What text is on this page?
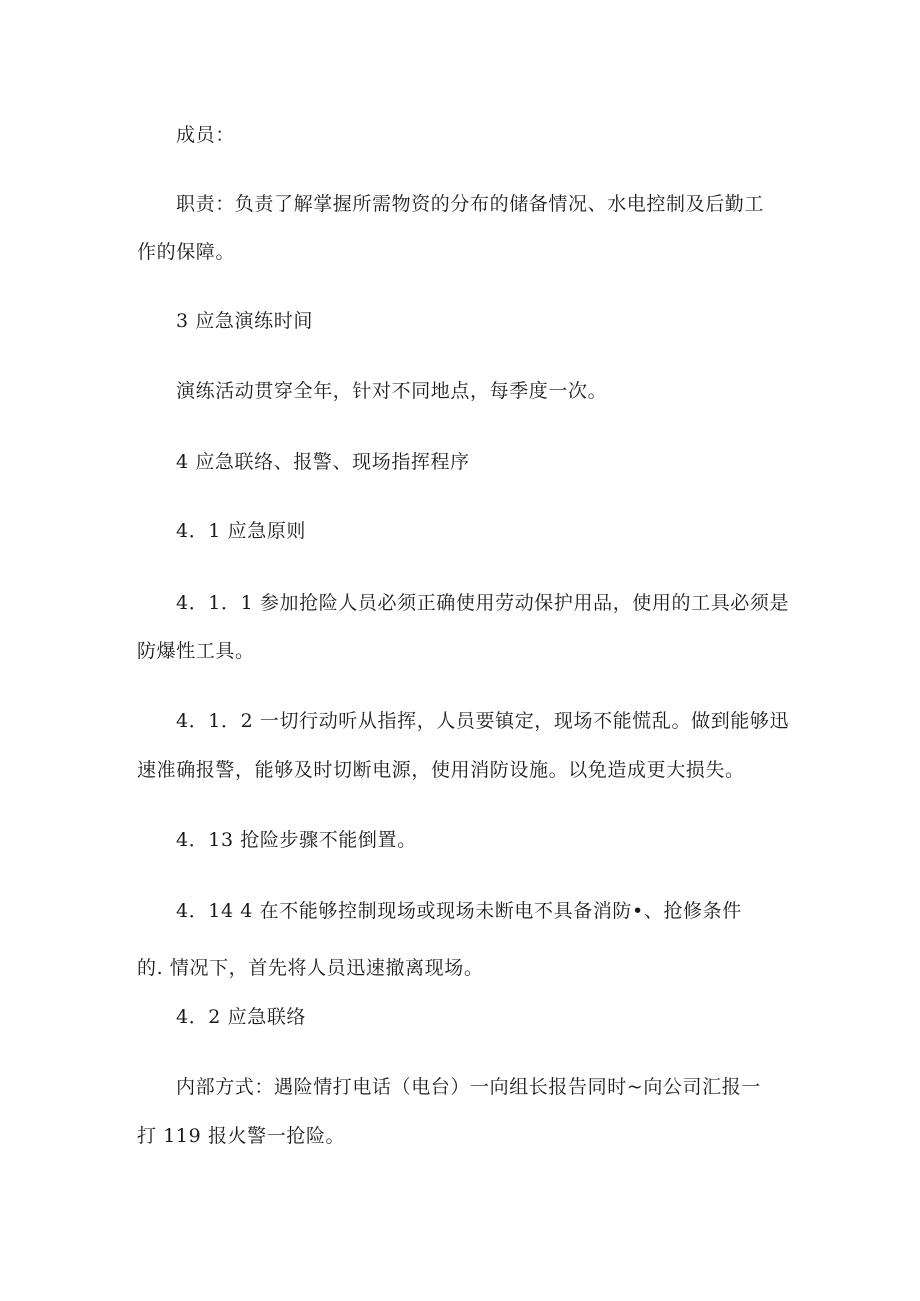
成员：

职责：负责了解掌握所需物资的分布的储备情况、水电控制及后勤工

作的保障。

3 应急演练时间

演练活动贯穿全年，针对不同地点，每季度一次。

4 应急联络、报警、现场指挥程序

4．1 应急原则

4．1．1 参加抢险人员必须正确使用劳动保护用品，使用的工具必须是

防爆性工具。

4．1．2 一切行动听从指挥，人员要镇定，现场不能慌乱。做到能够迅

速准确报警，能够及时切断电源，使用消防设施。以免造成更大损失。

4．13 抢险步骤不能倒置。

4．14 4 在不能够控制现场或现场未断电不具备消防•、抢修条件

的. 情况下，首先将人员迅速撤离现场。

4．2 应急联络

内部方式：遇险情打电话（电台）一向组长报告同时~向公司汇报一

打 119 报火警一抢险。
